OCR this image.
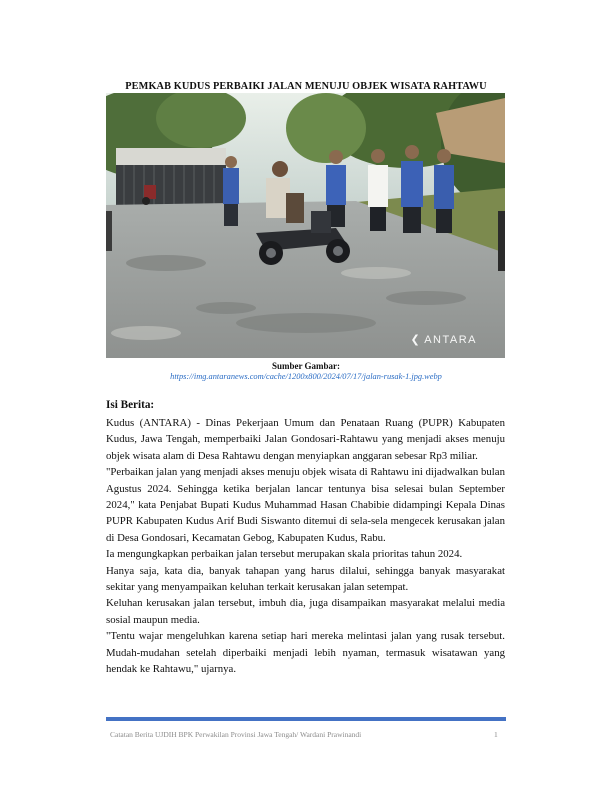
PEMKAB KUDUS PERBAIKI JALAN MENUJU OBJEK WISATA RAHTAWU
❮ ANTARA
Sumber Gambar:
https://img.antaranews.com/cache/1200x800/2024/07/17/jalan-rusak-1.jpg.webp
Isi Berita:

Kudus (ANTARA) - Dinas Pekerjaan Umum dan Penataan Ruang (PUPR) Kabupaten Kudus, Jawa Tengah, memperbaiki Jalan Gondosari-Rahtawu yang menjadi akses menuju objek wisata alam di Desa Rahtawu dengan menyiapkan anggaran sebesar Rp3 miliar.

"Perbaikan jalan yang menjadi akses menuju objek wisata di Rahtawu ini dijadwalkan bulan Agustus 2024. Sehingga ketika berjalan lancar tentunya bisa selesai bulan September 2024," kata Penjabat Bupati Kudus Muhammad Hasan Chabibie didampingi Kepala Dinas PUPR Kabupaten Kudus Arif Budi Siswanto ditemui di sela-sela mengecek kerusakan jalan di Desa Gondosari, Kecamatan Gebog, Kabupaten Kudus, Rabu.

Ia mengungkapkan perbaikan jalan tersebut merupakan skala prioritas tahun 2024.

Hanya saja, kata dia, banyak tahapan yang harus dilalui, sehingga banyak masyarakat sekitar yang menyampaikan keluhan terkait kerusakan jalan setempat.

Keluhan kerusakan jalan tersebut, imbuh dia, juga disampaikan masyarakat melalui media sosial maupun media.

"Tentu wajar mengeluhkan karena setiap hari mereka melintasi jalan yang rusak tersebut. Mudah-mudahan setelah diperbaiki menjadi lebih nyaman, termasuk wisatawan yang hendak ke Rahtawu," ujarnya.

Catatan Berita UJDIH BPK Perwakilan Provinsi Jawa Tengah/ Wardani Prawinandi	1
